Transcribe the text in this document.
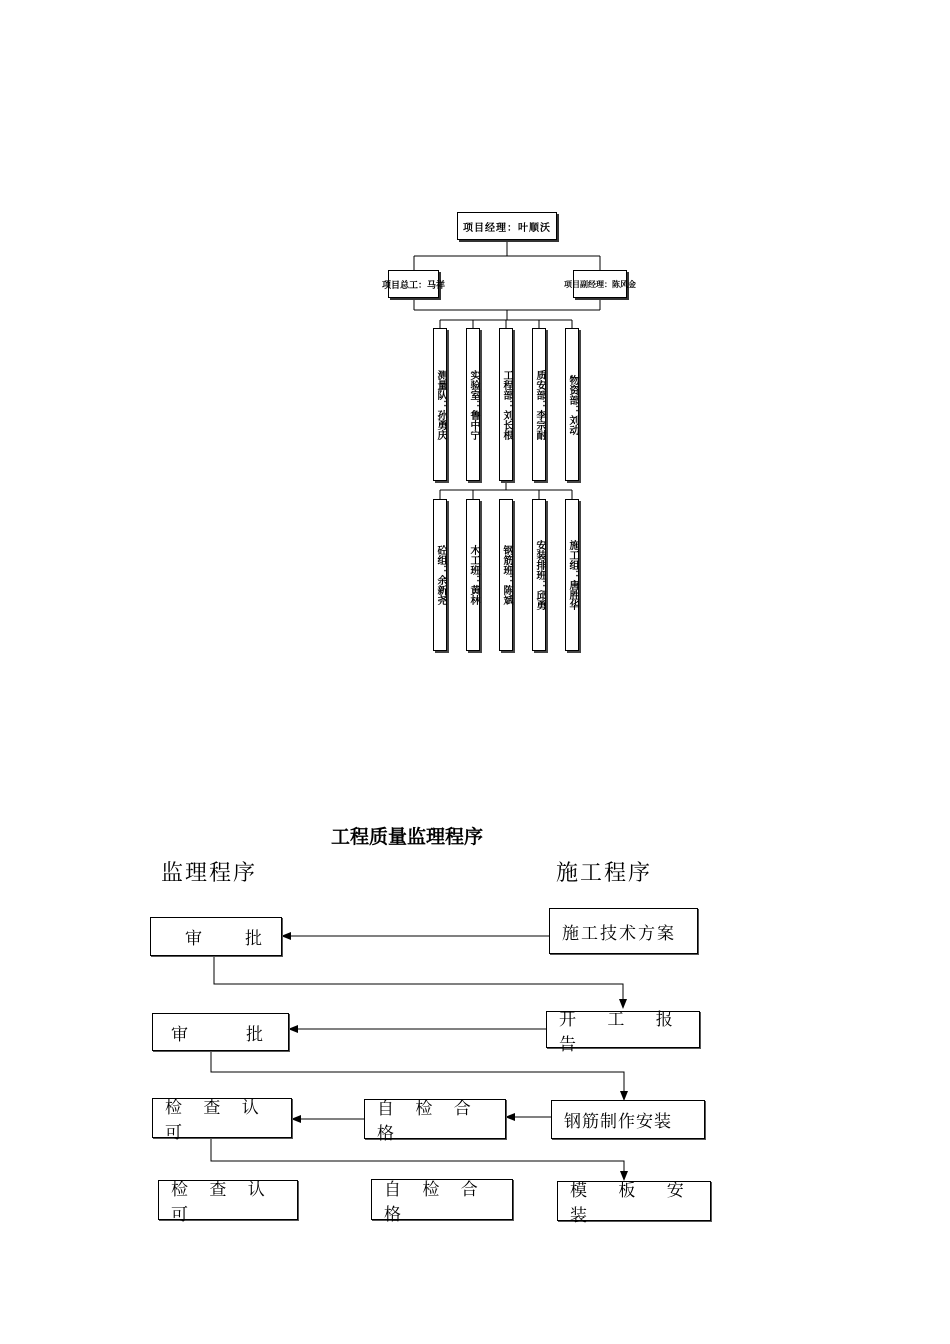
项目经理：叶顺沃
项目总工：马祥	项目副经理：陈风金
测量队：孙勇庆 实验室：鲁中宁 工程部：刘长根 质安部：李宗耐 物资部：刘动
砼组：余新尧 木工班：黄林 钢筋班：陈斌 安装排班：邱勇 施工组：唐胜华
工程质量监理程序
监理程序	施工程序
审　批	施工技术方案
审　　批
开 工 报 告
检 查 认 可
自 检 合 格
钢筋制作安装
检 查 认 可
自 检 合 格
模 板 安 装
